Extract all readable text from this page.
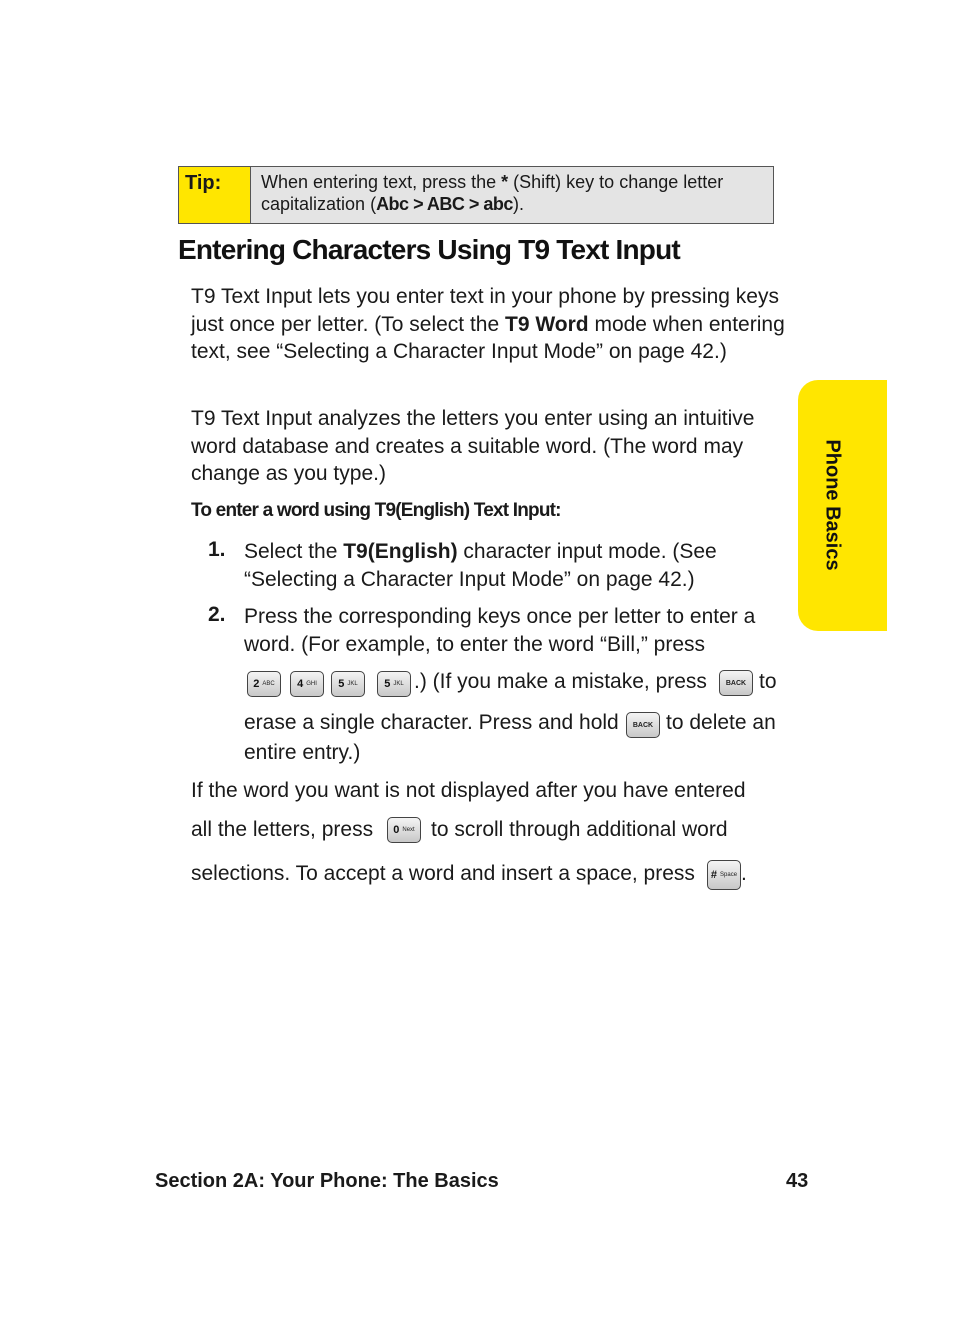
Tip:	When entering text, press the * (Shift) key to change letter capitalization (Abc > ABC > abc).
Entering Characters Using T9 Text Input

T9 Text Input lets you enter text in your phone by pressing keys just once per letter. (To select the T9 Word mode when entering text, see “Selecting a Character Input Mode” on page 42.)

T9 Text Input analyzes the letters you enter using an intuitive word database and creates a suitable word. (The word may change as you type.)

To enter a word using T9(English) Text Input:

1. Select the T9(English) character input mode. (See “Selecting a Character Input Mode” on page 42.)

2. Press the corresponding keys once per letter to enter a word. (For example, to enter the word “Bill,” press

2 ABC 4 GHI 5 JKL 5 JKL .) (If you make a mistake, press	BACK to

erase a single character. Press and hold BACK to delete an

entire entry.)

If the word you want is not displayed after you have entered

all the letters, press 0 Next to scroll through additional word

selections. To accept a word and insert a space, press # Space .

Phone Basics

Section 2A: Your Phone: The Basics	43
